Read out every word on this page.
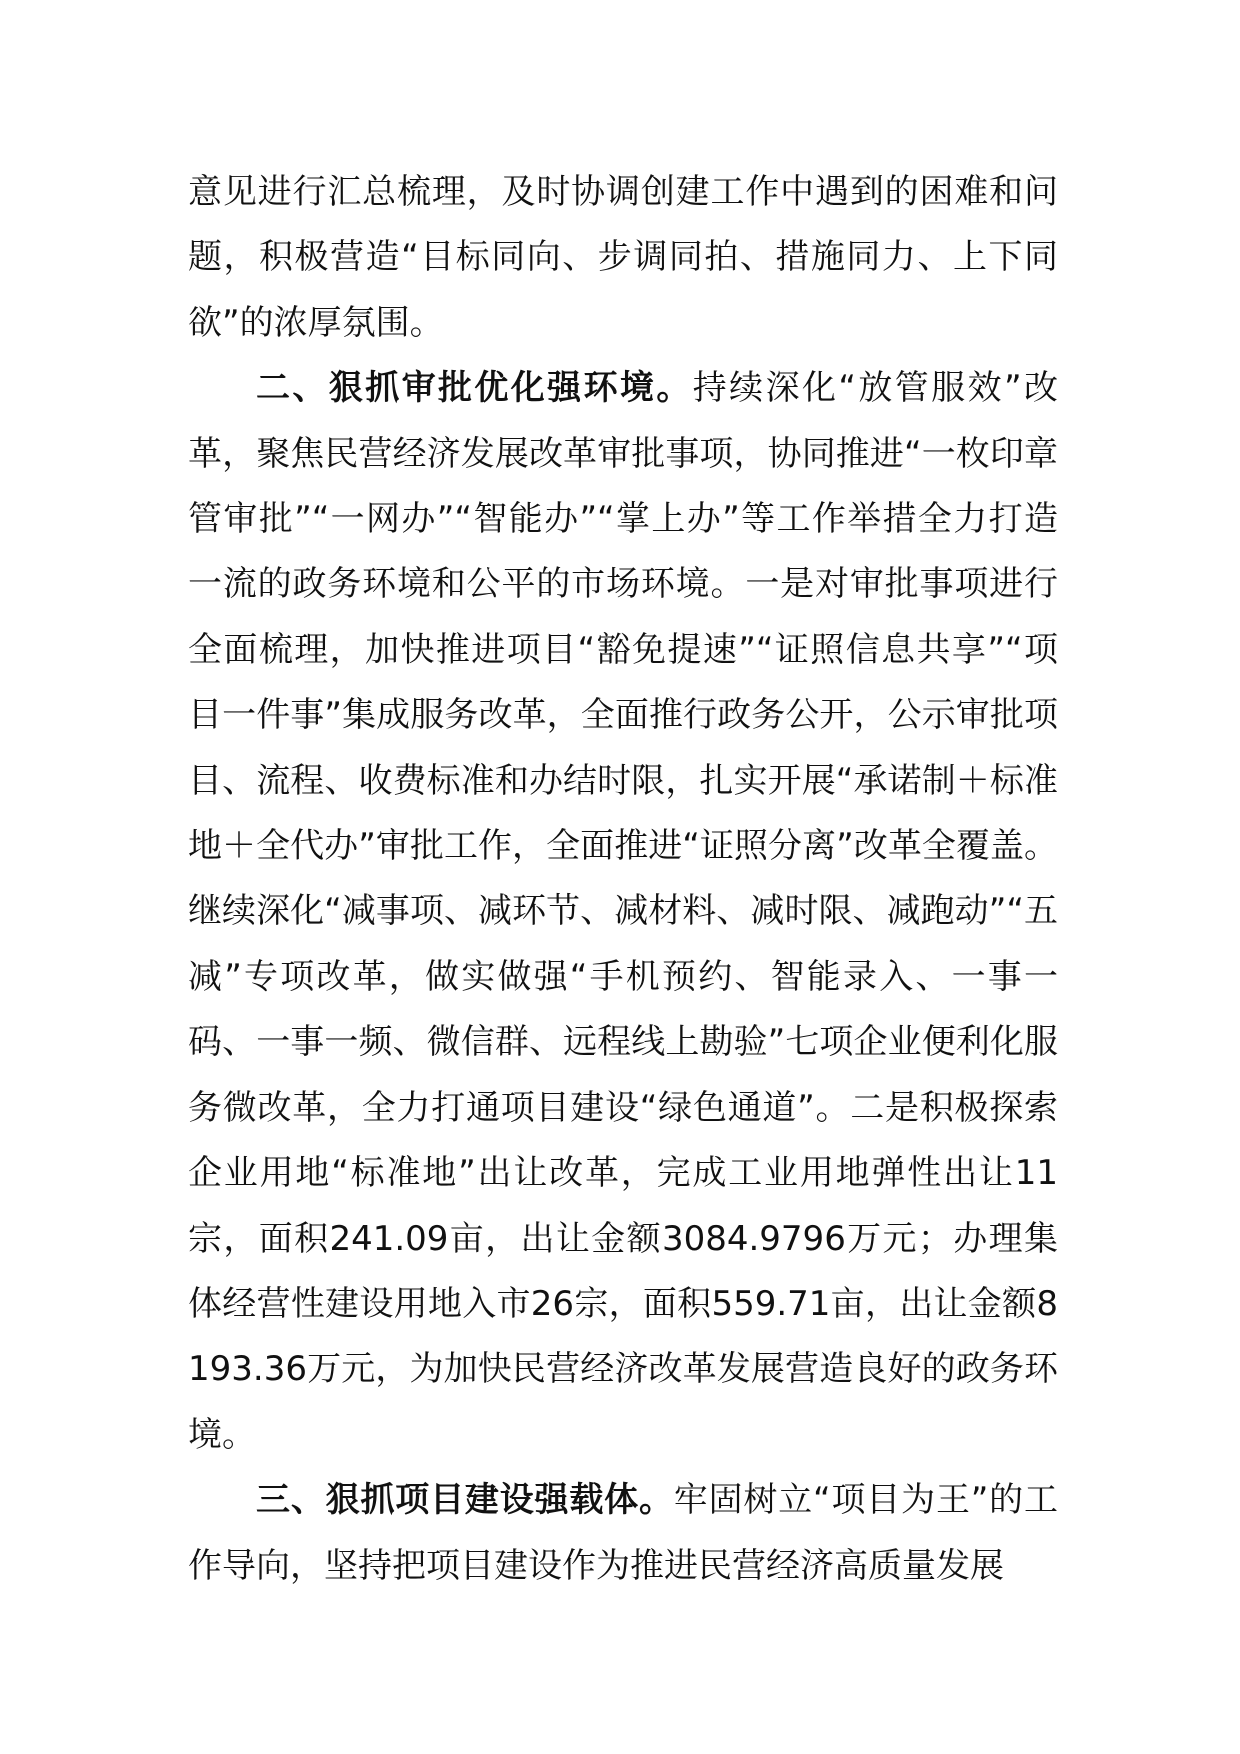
意见进行汇总梳理，及时协调创建工作中遇到的困难和问题，积极营造“目标同向、步调同拍、措施同力、上下同欲”的浓厚氛围。

二、狠抓审批优化强环境。持续深化“放管服效”改革，聚焦民营经济发展改革审批事项，协同推进“一枚印章管审批”“一网办”“智能办”“掌上办”等工作举措全力打造一流的政务环境和公平的市场环境。一是对审批事项进行全面梳理，加快推进项目“豁免提速”“证照信息共享”“项目一件事”集成服务改革，全面推行政务公开，公示审批项目、流程、收费标准和办结时限，扎实开展“承诺制＋标准地＋全代办”审批工作，全面推进“证照分离”改革全覆盖。继续深化“减事项、减环节、减材料、减时限、减跑动”“五减”专项改革，做实做强“手机预约、智能录入、一事一码、一事一频、微信群、远程线上勘验”七项企业便利化服务微改革，全力打通项目建设“绿色通道”。二是积极探索企业用地“标准地”出让改革，完成工业用地弹性出让11宗，面积241.09亩，出让金额3084.9796万元；办理集体经营性建设用地入市26宗，面积559.71亩，出让金额8193.36万元，为加快民营经济改革发展营造良好的政务环境。

三、狠抓项目建设强载体。牢固树立“项目为王”的工作导向，坚持把项目建设作为推进民营经济高质量发展
